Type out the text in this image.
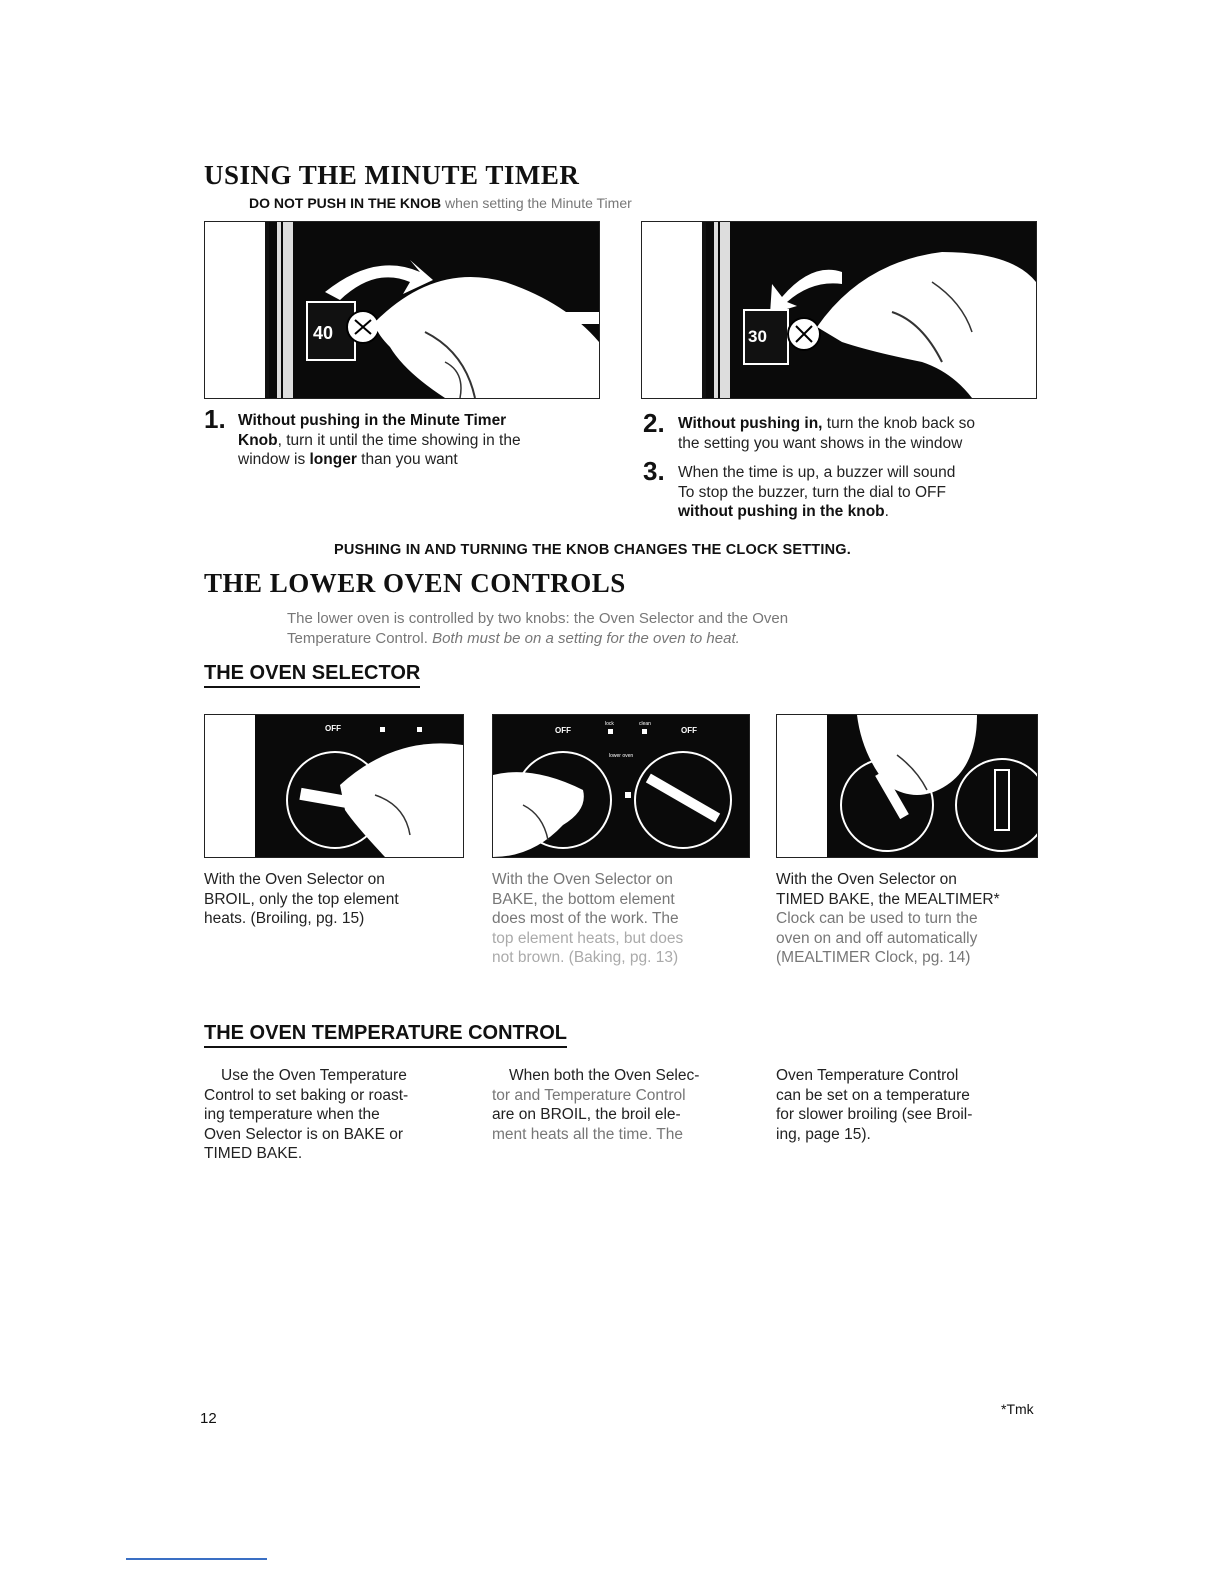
USING THE MINUTE TIMER
DO NOT PUSH IN THE KNOB when setting the Minute Timer
40	30
1. Without pushing in the Minute Timer
Knob, turn it until the time showing in the
window is longer than you want
2. Without pushing in, turn the knob back so
the setting you want shows in the window
3. When the time is up, a buzzer will sound
To stop the buzzer, turn the dial to OFF
without pushing in the knob.
PUSHING IN AND TURNING THE KNOB CHANGES THE CLOCK SETTING.
THE LOWER OVEN CONTROLS
The lower oven is controlled by two knobs: the Oven Selector and the Oven
Temperature Control. Both must be on a setting for the oven to heat.
THE OVEN SELECTOR
OFF	OFF
lock	clean
OFF
lower oven
With the Oven Selector on
BROIL, only the top element
heats. (Broiling, pg. 15)
With the Oven Selector on
BAKE, the bottom element
does most of the work. The
top element heats, but does
not brown. (Baking, pg. 13)
With the Oven Selector on
TIMED BAKE, the MEALTIMER*
Clock can be used to turn the
oven on and off automatically
(MEALTIMER Clock, pg. 14)
THE OVEN TEMPERATURE CONTROL
Use the Oven Temperature
Control to set baking or roast-
ing temperature when the
Oven Selector is on BAKE or
TIMED BAKE.
When both the Oven Selec-
tor and Temperature Control
are on BROIL, the broil ele-
ment heats all the time. The
Oven Temperature Control
can be set on a temperature
for slower broiling (see Broil-
ing, page 15).
12
*Tmk
